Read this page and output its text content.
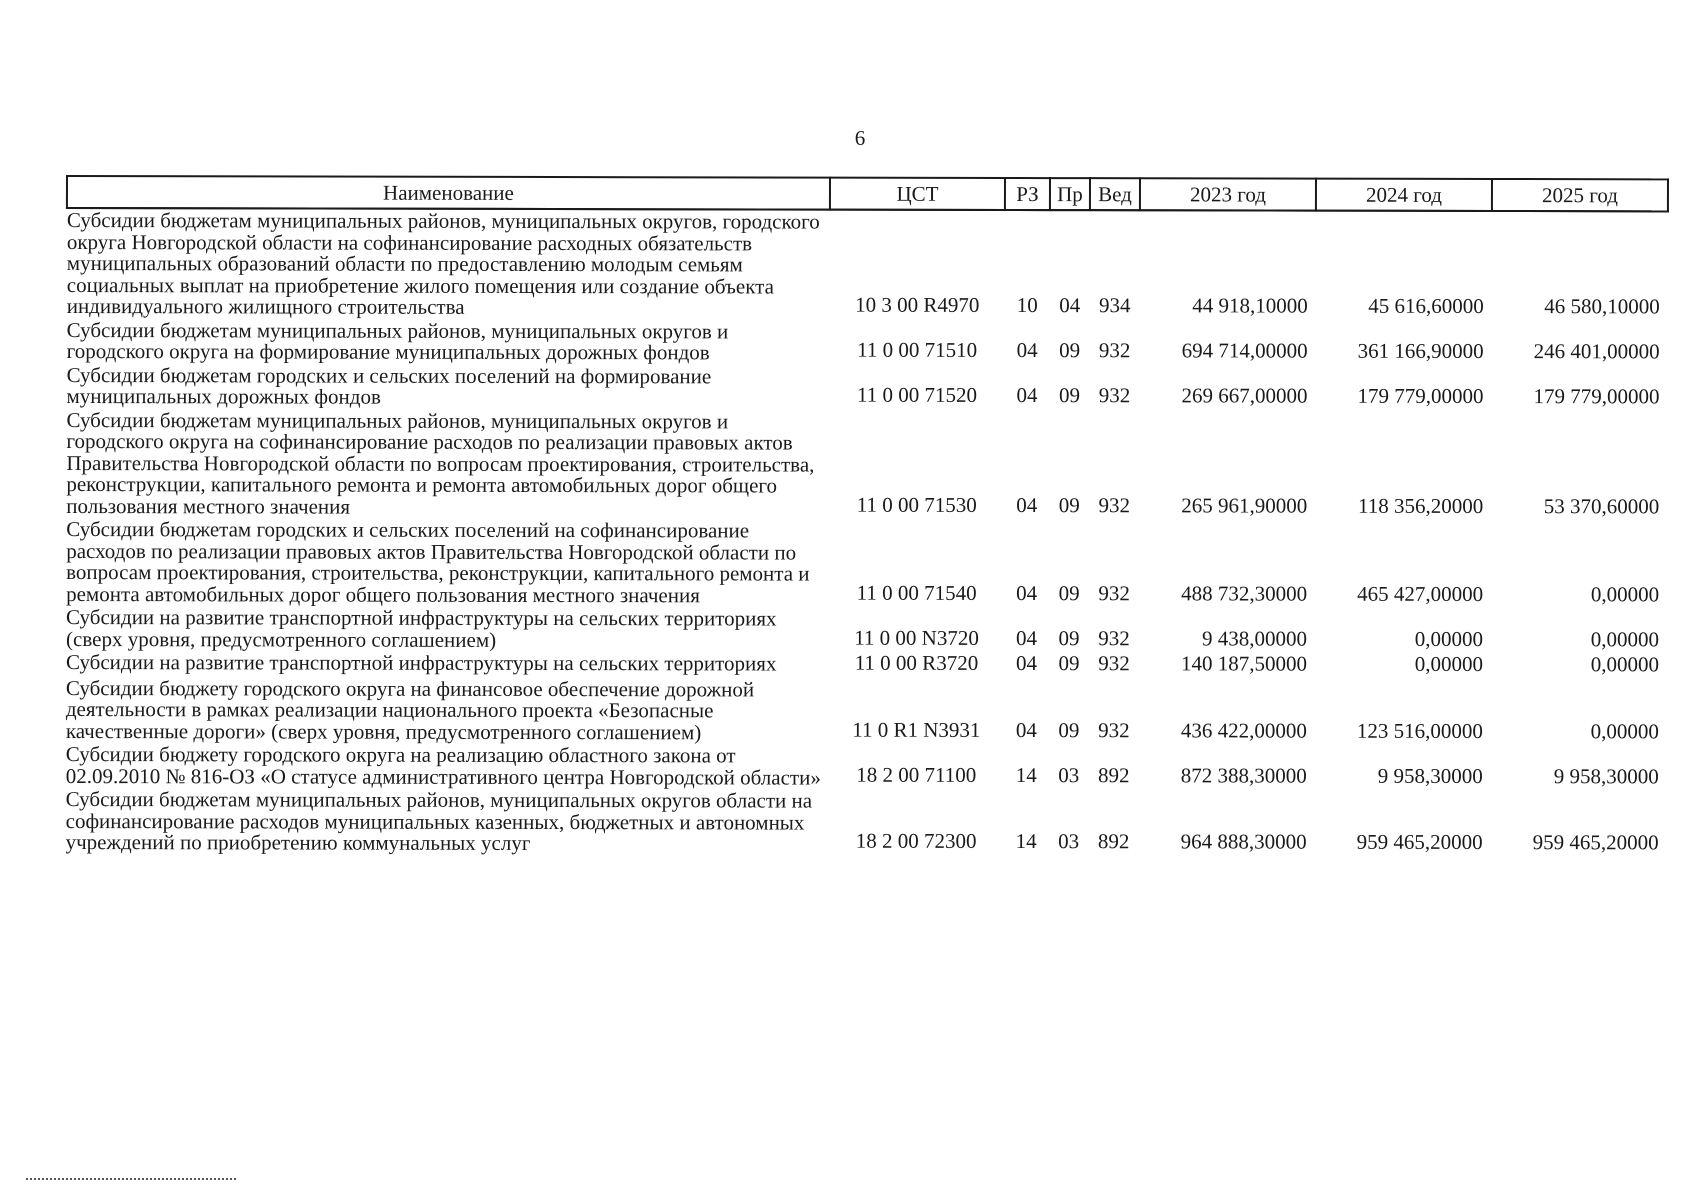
6
Наименование	ЦСТ	РЗ	Пр	Вед	2023 год	2024 год	2025 год
Субсидии бюджетам муниципальных районов, муниципальных округов, городского округа Новгородской области на софинансирование расходных обязательств муниципальных образований области по предоставлению молодым семьям социальных выплат на приобретение жилого помещения или создание объекта индивидуального жилищного строительства	10 3 00 R4970	10	04	934	44 918,10000	45 616,60000	46 580,10000
Субсидии бюджетам муниципальных районов, муниципальных округов и городского округа на формирование муниципальных дорожных фондов	11 0 00 71510	04	09	932	694 714,00000	361 166,90000	246 401,00000
Субсидии бюджетам городских и сельских поселений на формирование муниципальных дорожных фондов	11 0 00 71520	04	09	932	269 667,00000	179 779,00000	179 779,00000
Субсидии бюджетам муниципальных районов, муниципальных округов и городского округа на софинансирование расходов по реализации правовых актов Правительства Новгородской области по вопросам проектирования, строительства, реконструкции, капитального ремонта и ремонта автомобильных дорог общего пользования местного значения	11 0 00 71530	04	09	932	265 961,90000	118 356,20000	53 370,60000
Субсидии бюджетам городских и сельских поселений на софинансирование расходов по реализации правовых актов Правительства Новгородской области по вопросам проектирования, строительства, реконструкции, капитального ремонта и ремонта автомобильных дорог общего пользования местного значения	11 0 00 71540	04	09	932	488 732,30000	465 427,00000	0,00000
Субсидии на развитие транспортной инфраструктуры на сельских территориях (сверх уровня, предусмотренного соглашением)	11 0 00 N3720	04	09	932	9 438,00000	0,00000	0,00000
Субсидии на развитие транспортной инфраструктуры на сельских территориях	11 0 00 R3720	04	09	932	140 187,50000	0,00000	0,00000
Субсидии бюджету городского округа на финансовое обеспечение дорожной деятельности в рамках реализации национального проекта «Безопасные качественные дороги» (сверх уровня, предусмотренного соглашением)	11 0 R1 N3931	04	09	932	436 422,00000	123 516,00000	0,00000
Субсидии бюджету городского округа на реализацию областного закона от 02.09.2010 № 816-ОЗ «О статусе административного центра Новгородской области»	18 2 00 71100	14	03	892	872 388,30000	9 958,30000	9 958,30000
Субсидии бюджетам муниципальных районов, муниципальных округов области на софинансирование расходов муниципальных казенных, бюджетных и автономных учреждений по приобретению коммунальных услуг	18 2 00 72300	14	03	892	964 888,30000	959 465,20000	959 465,20000
